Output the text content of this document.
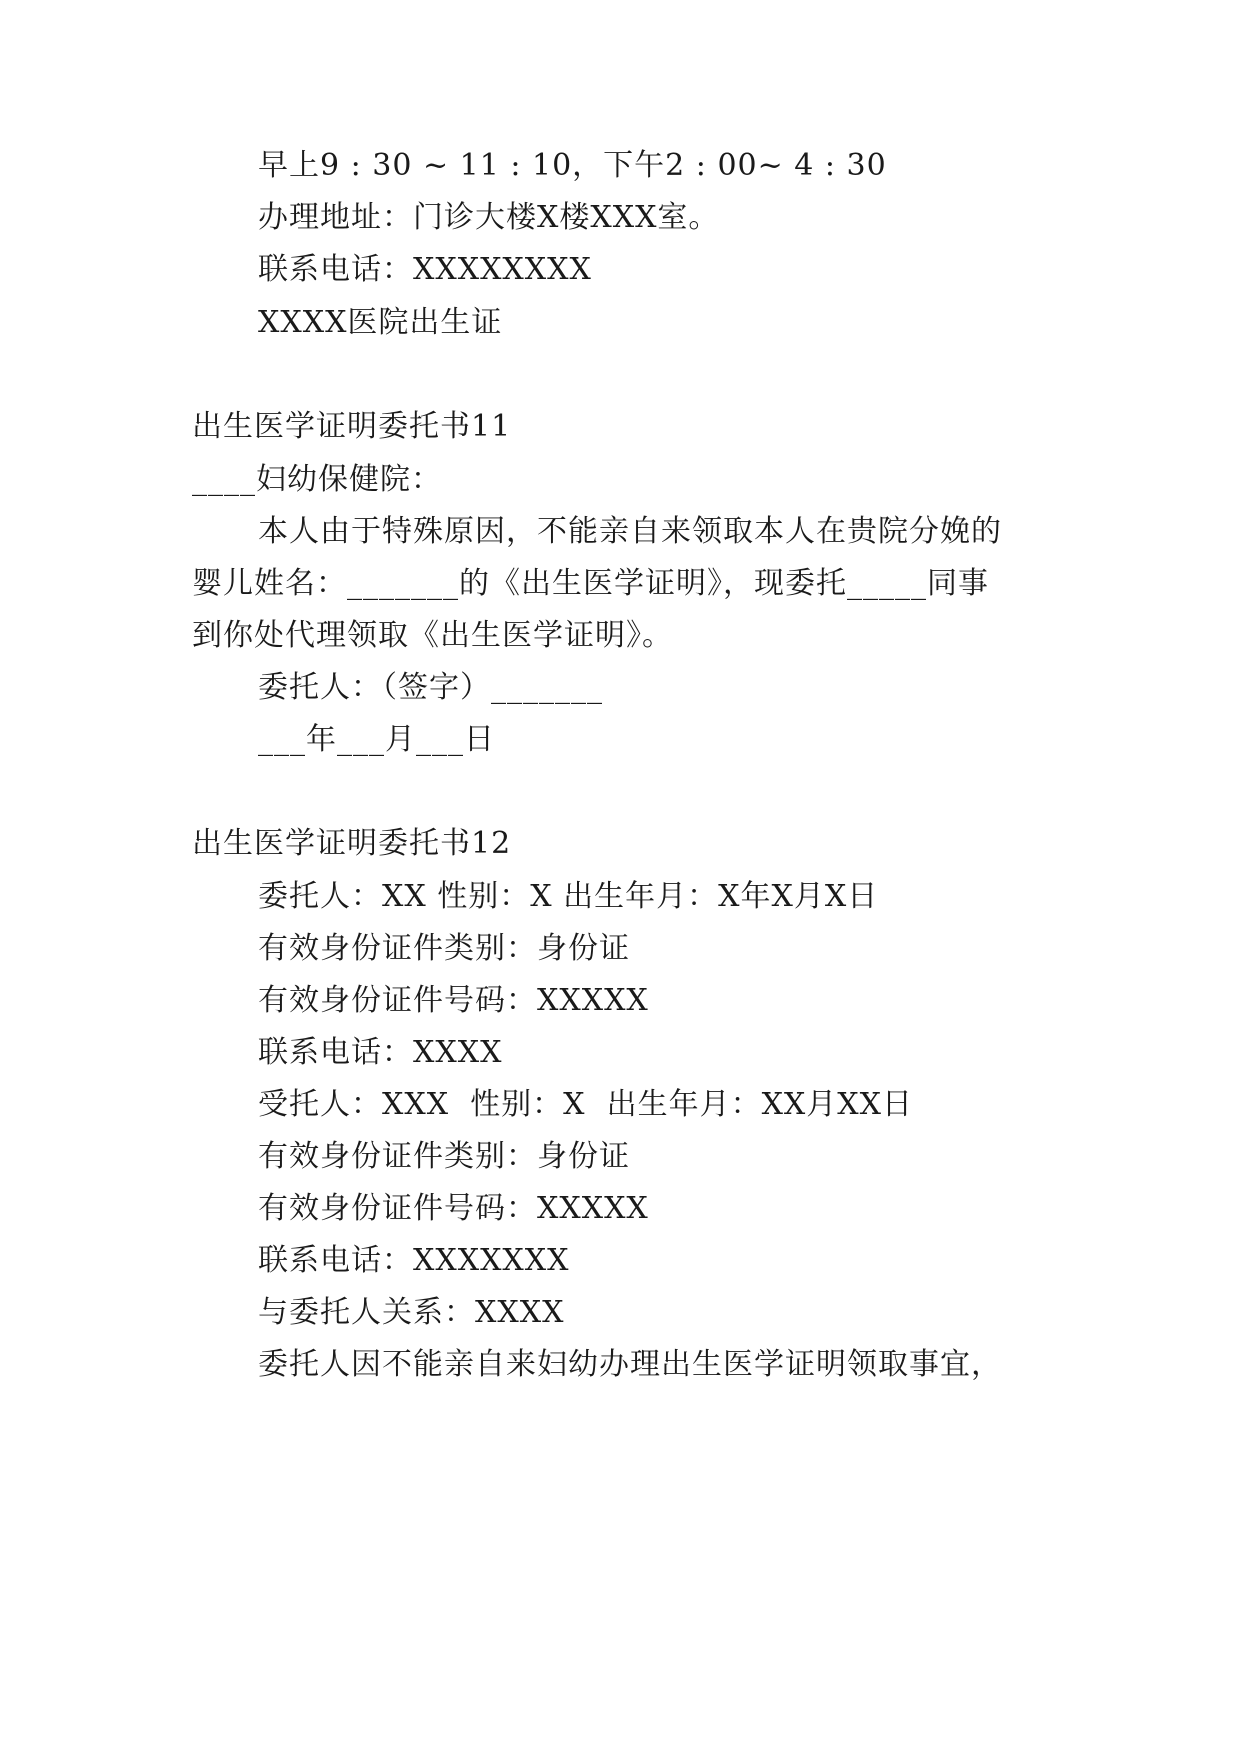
早上9 : 30 ~ 11 : 10，下午2 : 00~ 4 : 30
办理地址：门诊大楼X楼XXX室。
联系电话：XXXXXXXX
XXXX医院出生证
出生医学证明委托书11
____妇幼保健院：
本人由于特殊原因，不能亲自来领取本人在贵院分娩的
婴儿姓名：_______的《出生医学证明》，现委托_____同事
到你处代理领取《出生医学证明》。
委托人：（签字）_______
___年___月___日
出生医学证明委托书12
委托人：XX 性别：X 出生年月：X年X月X日
有效身份证件类别：身份证
有效身份证件号码：XXXXX
联系电话：XXXX
受托人：XXX  性别：X  出生年月：XX月XX日
有效身份证件类别：身份证
有效身份证件号码：XXXXX
联系电话：XXXXXXX
与委托人关系：XXXX
委托人因不能亲自来妇幼办理出生医学证明领取事宜，
